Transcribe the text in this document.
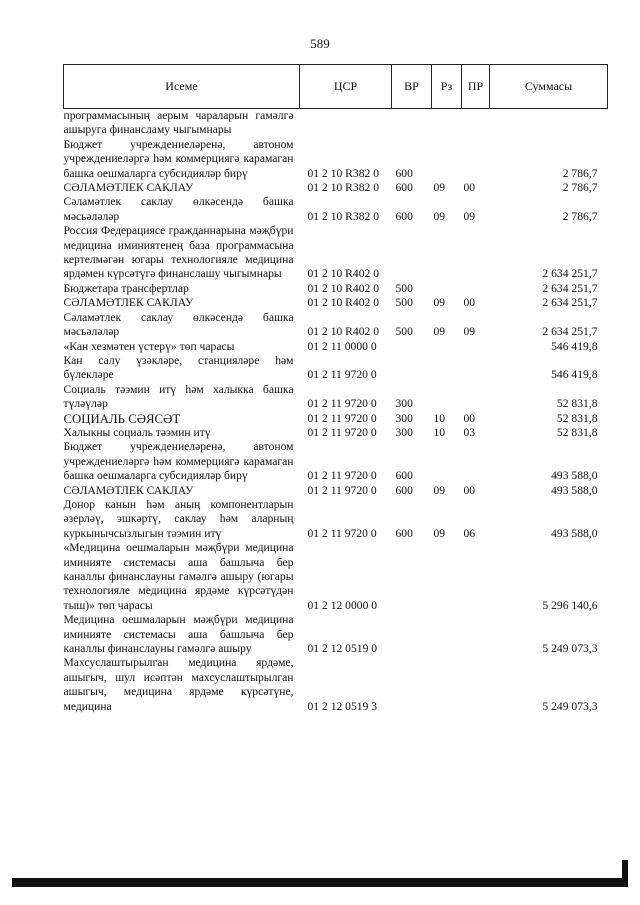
589
Исеме	ЦСР	ВР	Рз	ПР	Суммасы
программасының аерым чараларын гамәлгә ашыруга финансламу чыгымнары					
Бюджет учреждениеләренә, автоном учреждениеләргә һәм коммерциягә карамаган башка оешмаларга субсидияләр бирү	01 2 10 R382 0	600			2 786,7
СӘЛАМӘТЛЕК САКЛАУ	01 2 10 R382 0	600	09	00	2 786,7
Сәламәтлек саклау өлкәсендә башка мәсьәләләр	01 2 10 R382 0	600	09	09	2 786,7
Россия Федерациясе гражданнарына мәҗбүри медицина иминиятенең база программасына кертелмәгән югары технологияле медицина ярдәмен күрсәтүгә финанслашу чыгымнары	01 2 10 R402 0				2 634 251,7
Бюджетара трансфертлар	01 2 10 R402 0	500			2 634 251,7
СӘЛАМӘТЛЕК САКЛАУ	01 2 10 R402 0	500	09	00	2 634 251,7
Сәламәтлек саклау өлкәсендә башка мәсьәләләр	01 2 10 R402 0	500	09	09	2 634 251,7
«Кан хезмәтен үстерү» төп чарасы	01 2 11 0000 0				546 419,8
Кан салу үзәкләре, станцияләре һәм бүлекләре	01 2 11 9720 0				546 419,8
Социаль тәэмин итү һәм халыкка башка түләүләр	01 2 11 9720 0	300			52 831,8
СОЦИАЛЬ СӘЯСӘТ	01 2 11 9720 0	300	10	00	52 831,8
Халыкны социаль тәэмин итү	01 2 11 9720 0	300	10	03	52 831,8
Бюджет учреждениеләренә, автоном учреждениеләргә һәм коммерциягә карамаган башка оешмаларга субсидияләр бирү	01 2 11 9720 0	600			493 588,0
СӘЛАМӘТЛЕК САКЛАУ	01 2 11 9720 0	600	09	00	493 588,0
Донор канын һәм аның компонентларын әзерләү, эшкәртү, саклау һәм аларның куркынычсызлыгын тәэмин итү	01 2 11 9720 0	600	09	06	493 588,0
«Медицина оешмаларын мәҗбүри медицина иминияте системасы аша башлыча бер каналлы финанслауны гамәлгә ашыру (югары технологияле медицина ярдәме күрсәтүдән тыш)» төп чарасы	01 2 12 0000 0				5 296 140,6
Медицина оешмаларын мәҗбүри медицина иминияте системасы аша башлыча бер каналлы финанслауны гамәлгә ашыру	01 2 12 0519 0				5 249 073,3
Махсуслаштырылган медицина ярдәме, ашыгыч, шул исәптән махсуслаштырылган ашыгыч, медицина ярдәме күрсәтүне, медицина	01 2 12 0519 3				5 249 073,3
